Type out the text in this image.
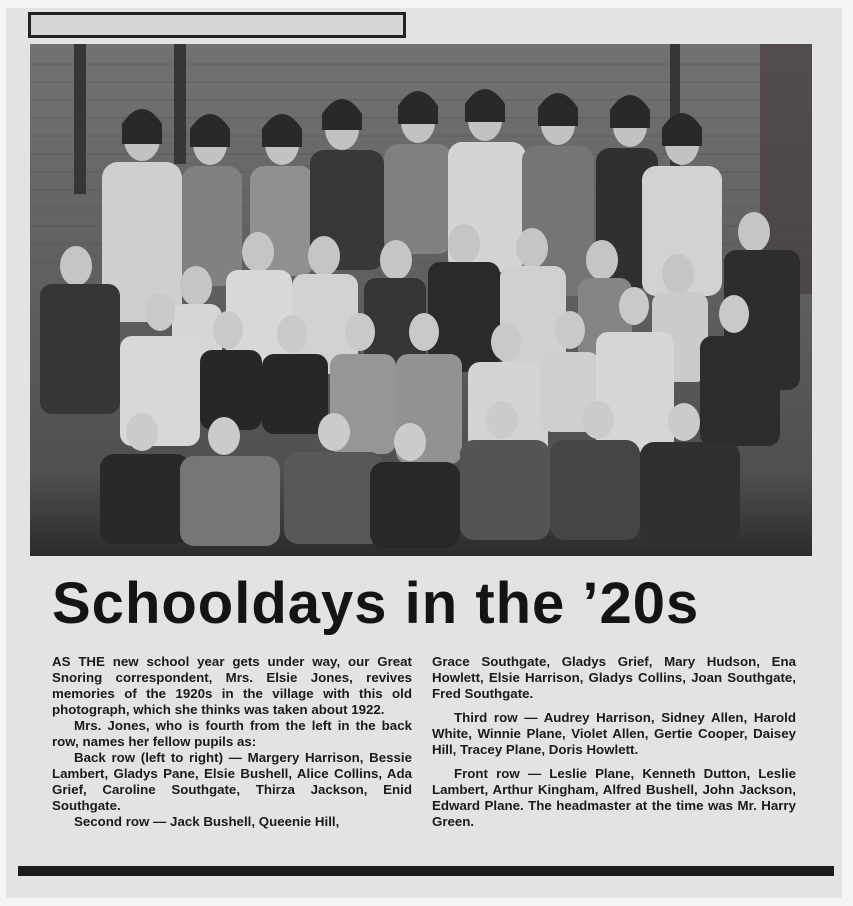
Schooldays in the ’20s

AS THE new school year gets under way, our Great Snoring correspondent, Mrs. Elsie Jones, revives memories of the 1920s in the village with this old photograph, which she thinks was taken about 1922.

Mrs. Jones, who is fourth from the left in the back row, names her fellow pupils as:

Back row (left to right) — Margery Harrison, Bessie Lambert, Gladys Pane, Elsie Bushell, Alice Collins, Ada Grief, Caroline Southgate, Thirza Jackson, Enid Southgate.

Second row — Jack Bushell, Queenie Hill,

Grace Southgate, Gladys Grief, Mary Hudson, Ena Howlett, Elsie Harrison, Gladys Collins, Joan Southgate, Fred Southgate.

Third row — Audrey Harrison, Sidney Allen, Harold White, Winnie Plane, Violet Allen, Gertie Cooper, Daisey Hill, Tracey Plane, Doris Howlett.

Front row — Leslie Plane, Kenneth Dutton, Leslie Lambert, Arthur Kingham, Alfred Bushell, John Jackson, Edward Plane. The headmaster at the time was Mr. Harry Green.
